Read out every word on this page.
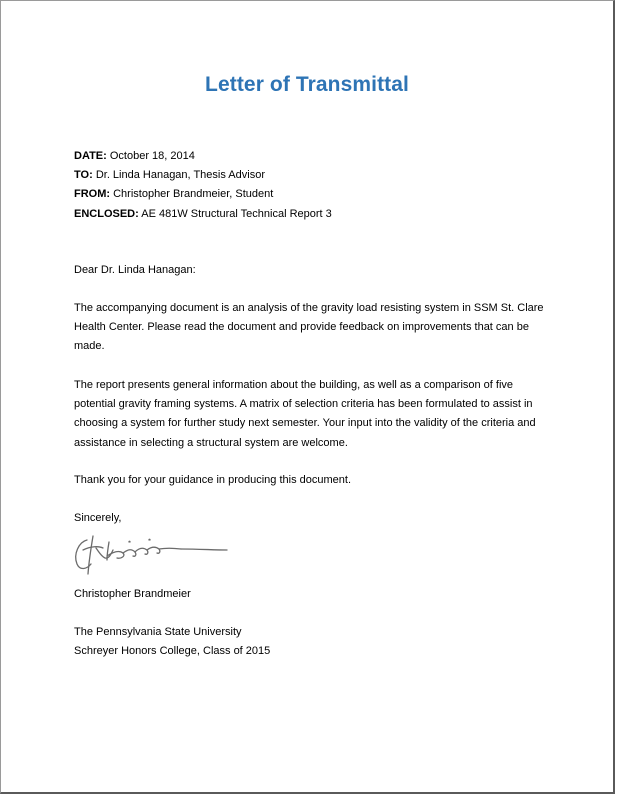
Letter of Transmittal
DATE: October 18, 2014
TO: Dr. Linda Hanagan, Thesis Advisor
FROM: Christopher Brandmeier, Student
ENCLOSED: AE 481W Structural Technical Report 3

Dear Dr. Linda Hanagan:

The accompanying document is an analysis of the gravity load resisting system in SSM St. Clare Health Center. Please read the document and provide feedback on improvements that can be made.

The report presents general information about the building, as well as a comparison of five potential gravity framing systems. A matrix of selection criteria has been formulated to assist in choosing a system for further study next semester. Your input into the validity of the criteria and assistance in selecting a structural system are welcome.

Thank you for your guidance in producing this document.

Sincerely,

Christopher Brandmeier

The Pennsylvania State University
Schreyer Honors College, Class of 2015
